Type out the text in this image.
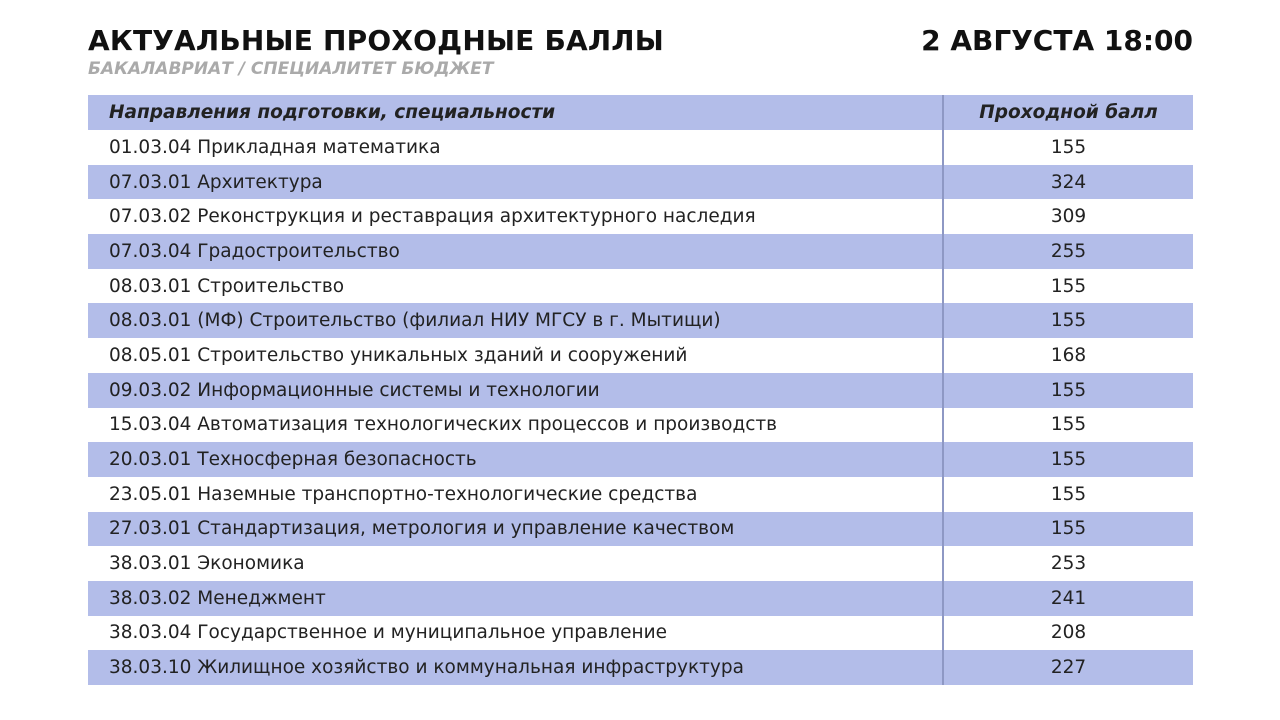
АКТУАЛЬНЫЕ ПРОХОДНЫЕ БАЛЛЫ	2 АВГУСТА 18:00
БАКАЛАВРИАТ / СПЕЦИАЛИТЕТ БЮДЖЕТ
Направления подготовки, специальности	Проходной балл
01.03.04 Прикладная математика	155
07.03.01 Архитектура	324
07.03.02 Реконструкция и реставрация архитектурного наследия	309
07.03.04 Градостроительство	255
08.03.01 Строительство	155
08.03.01 (МФ) Строительство (филиал НИУ МГСУ в г. Мытищи)	155
08.05.01 Строительство уникальных зданий и сооружений	168
09.03.02 Информационные системы и технологии	155
15.03.04 Автоматизация технологических процессов и производств	155
20.03.01 Техносферная безопасность	155
23.05.01 Наземные транспортно-технологические средства	155
27.03.01 Стандартизация, метрология и управление качеством	155
38.03.01 Экономика	253
38.03.02 Менеджмент	241
38.03.04 Государственное и муниципальное управление	208
38.03.10 Жилищное хозяйство и коммунальная инфраструктура	227
